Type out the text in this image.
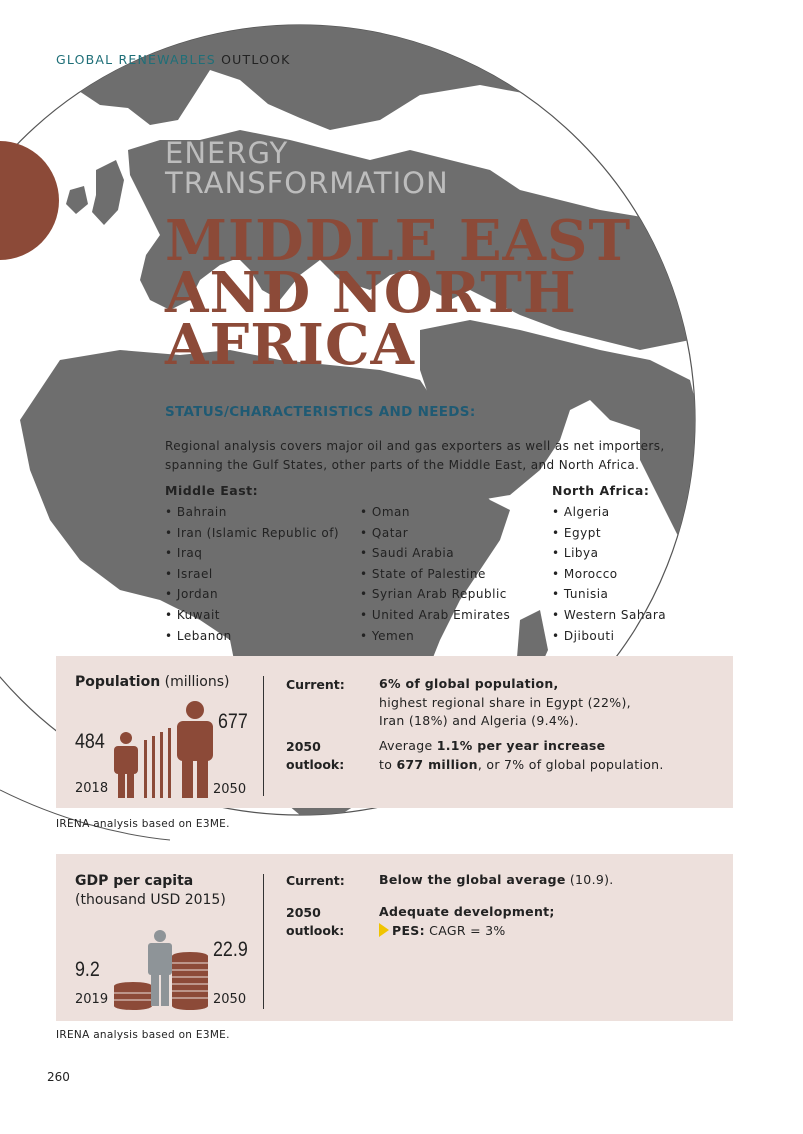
GLOBAL RENEWABLES OUTLOOK
ENERGY
TRANSFORMATION
MIDDLE EAST
AND NORTH
AFRICA
STATUS/CHARACTERISTICS AND NEEDS:
Regional analysis covers major oil and gas exporters as well as net importers,
spanning the Gulf States, other parts of the Middle East, and North Africa.
Middle East:
• Bahrain
• Iran (Islamic Republic of)
• Iraq
• Israel
• Jordan
• Kuwait
• Lebanon
• Oman
• Qatar
• Saudi Arabia
• State of Palestine
• Syrian Arab Republic
• United Arab Emirates
• Yemen
North Africa:
• Algeria
• Egypt
• Libya
• Morocco
• Tunisia
• Western Sahara
• Djibouti
Population (millions)
484
677
2018	2050
Current:	6% of global population,
highest regional share in Egypt (22%),
Iran (18%) and Algeria (9.4%).
2050
outlook:
Average 1.1% per year increase
to 677 million, or 7% of global population.
IRENA analysis based on E3ME.
GDP per capita
(thousand USD 2015)
9.2
22.9
2019	2050
Current:	Below the global average (10.9).
2050
outlook:
Adequate development;
PES: CAGR = 3%
IRENA analysis based on E3ME.
260
